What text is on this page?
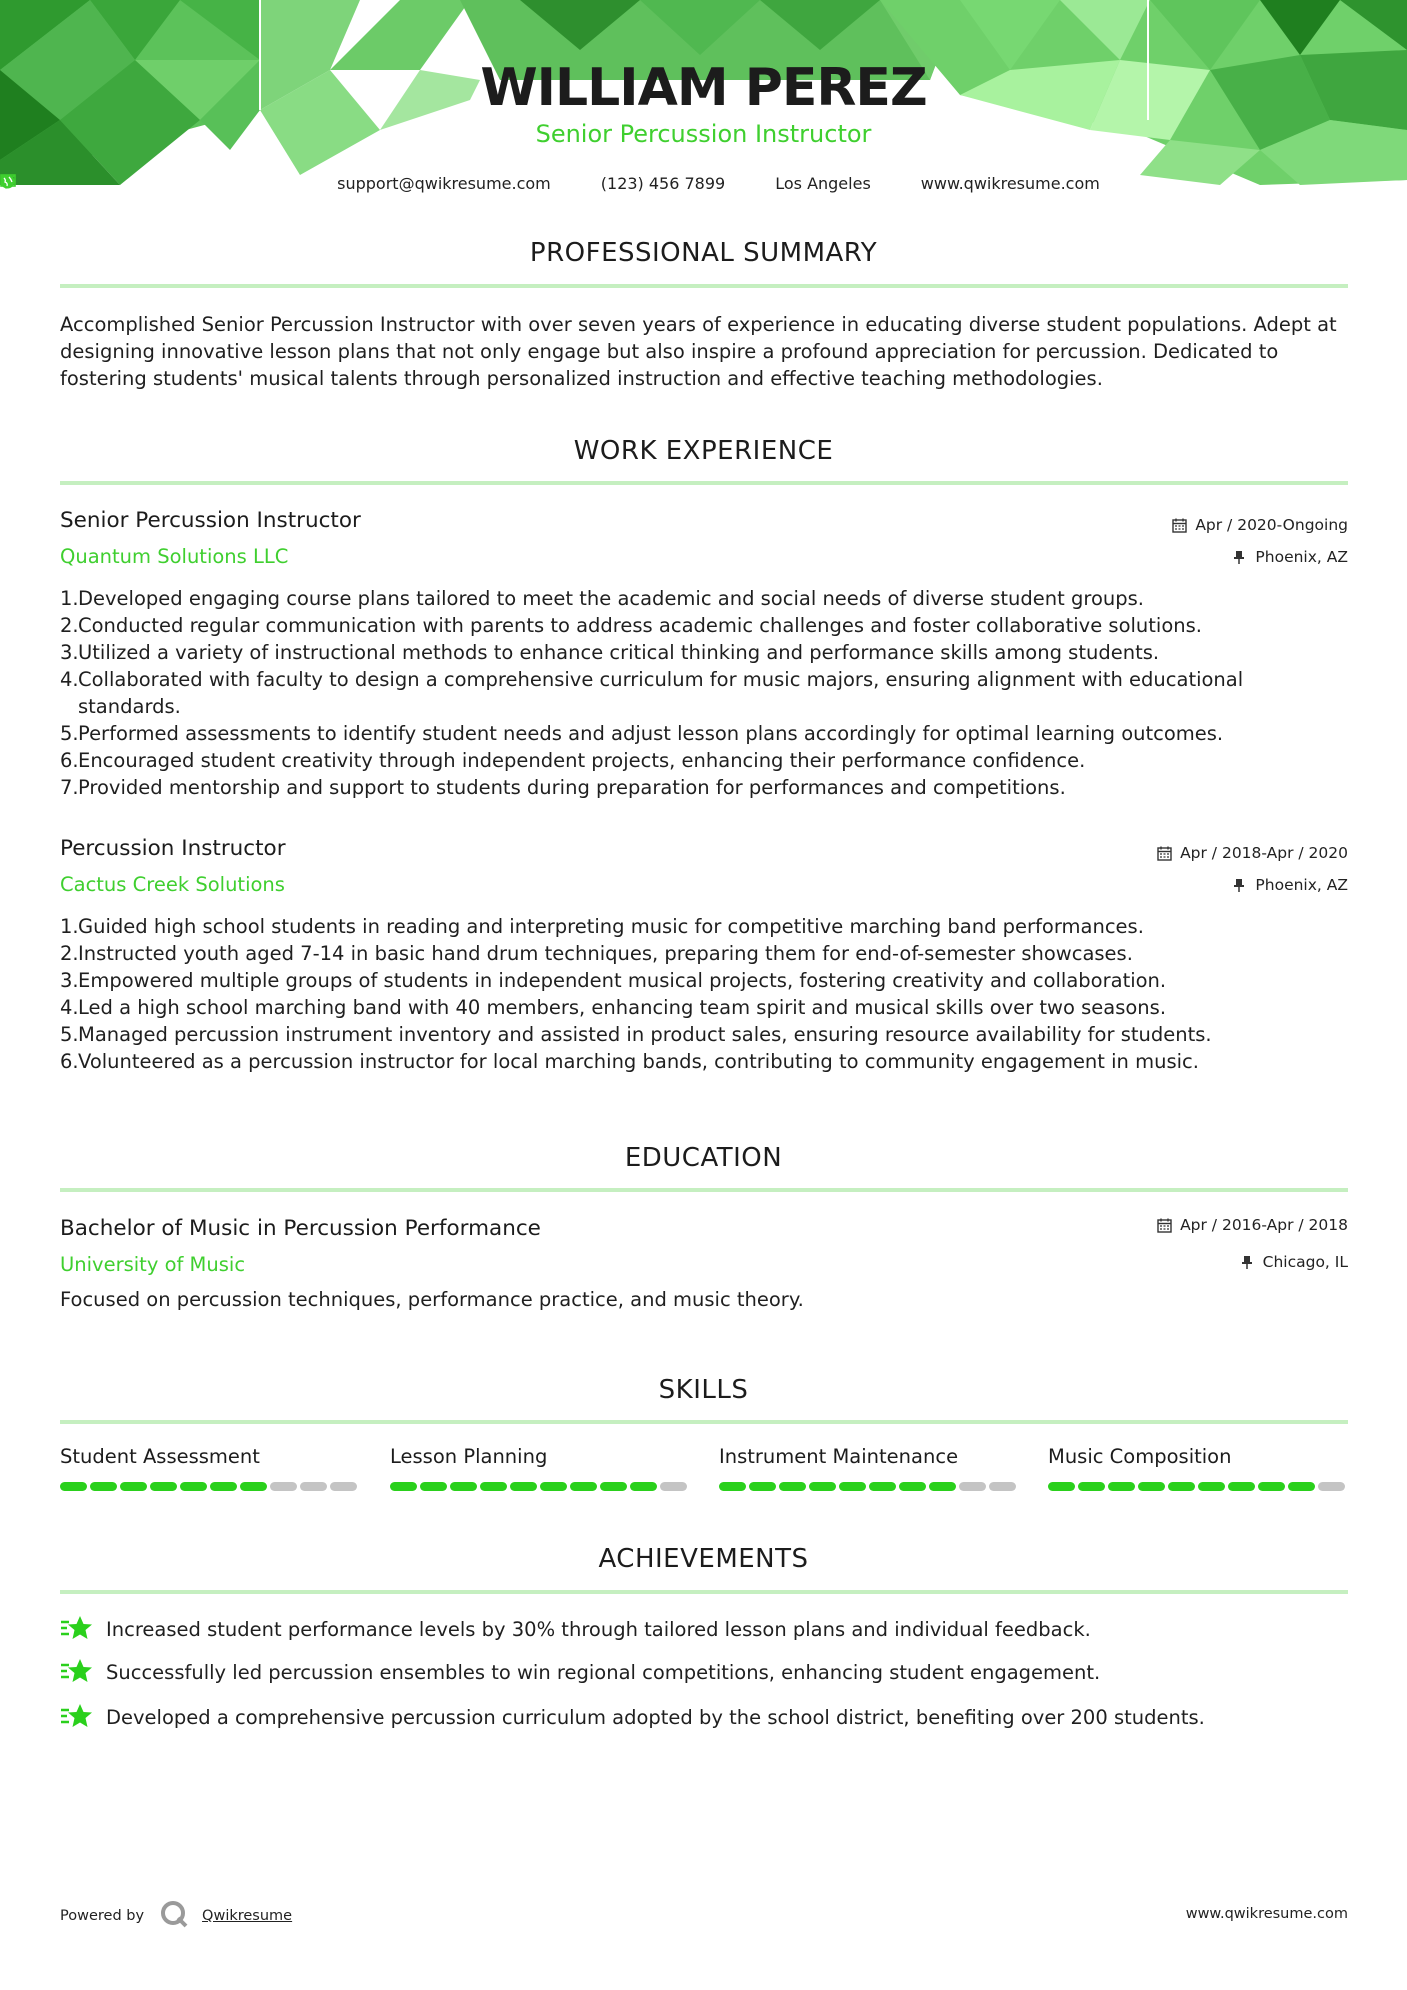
WILLIAM PEREZ
Senior Percussion Instructor
support@qwikresume.com	(123) 456 7899	Los Angeles	www.qwikresume.com
PROFESSIONAL SUMMARY
Accomplished Senior Percussion Instructor with over seven years of experience in educating diverse student populations. Adept at designing innovative lesson plans that not only engage but also inspire a profound appreciation for percussion. Dedicated to fostering students' musical talents through personalized instruction and effective teaching methodologies.
WORK EXPERIENCE
Senior Percussion Instructor
Quantum Solutions LLC
Apr / 2020-Ongoing
Phoenix, AZ
1. Developed engaging course plans tailored to meet the academic and social needs of diverse student groups.
2. Conducted regular communication with parents to address academic challenges and foster collaborative solutions.
3. Utilized a variety of instructional methods to enhance critical thinking and performance skills among students.
4. Collaborated with faculty to design a comprehensive curriculum for music majors, ensuring alignment with educational standards.
5. Performed assessments to identify student needs and adjust lesson plans accordingly for optimal learning outcomes.
6. Encouraged student creativity through independent projects, enhancing their performance confidence.
7. Provided mentorship and support to students during preparation for performances and competitions.
Percussion Instructor
Cactus Creek Solutions
Apr / 2018-Apr / 2020
Phoenix, AZ
1. Guided high school students in reading and interpreting music for competitive marching band performances.
2. Instructed youth aged 7-14 in basic hand drum techniques, preparing them for end-of-semester showcases.
3. Empowered multiple groups of students in independent musical projects, fostering creativity and collaboration.
4. Led a high school marching band with 40 members, enhancing team spirit and musical skills over two seasons.
5. Managed percussion instrument inventory and assisted in product sales, ensuring resource availability for students.
6. Volunteered as a percussion instructor for local marching bands, contributing to community engagement in music.
EDUCATION
Bachelor of Music in Percussion Performance
University of Music
Apr / 2016-Apr / 2018
Chicago, IL
Focused on percussion techniques, performance practice, and music theory.
SKILLS
Student Assessment	Lesson Planning	Instrument Maintenance	Music Composition
ACHIEVEMENTS
Increased student performance levels by 30% through tailored lesson plans and individual feedback.
Successfully led percussion ensembles to win regional competitions, enhancing student engagement.
Developed a comprehensive percussion curriculum adopted by the school district, benefiting over 200 students.
Powered by	Qwikresume	www.qwikresume.com
